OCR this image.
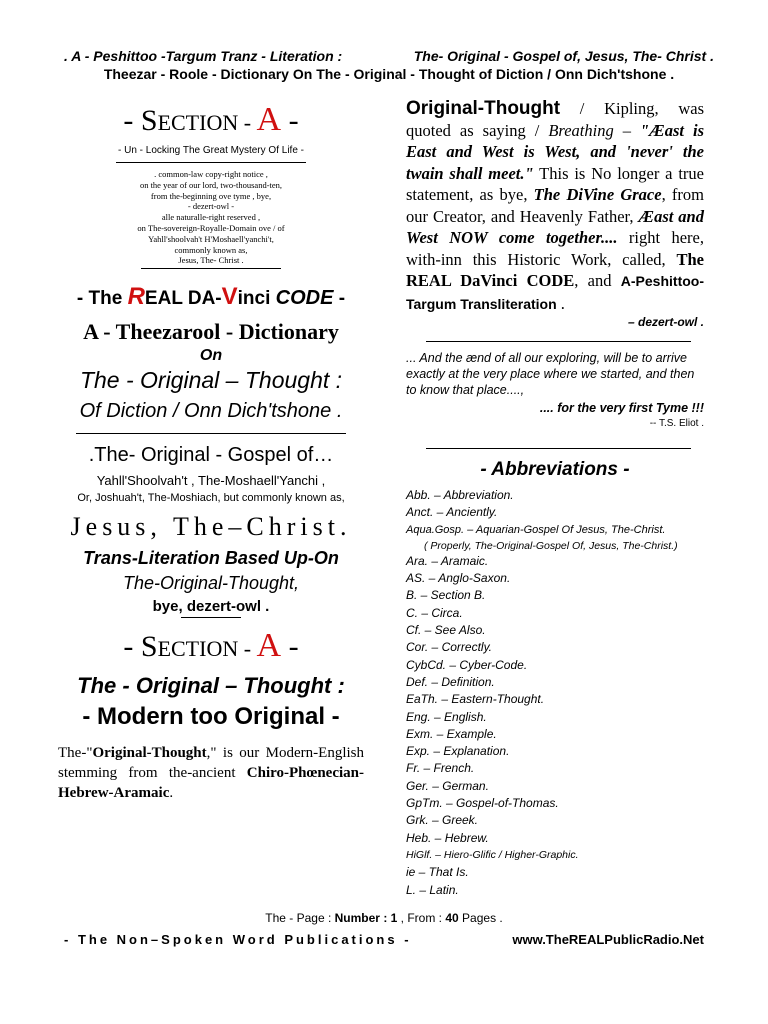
. A - Peshittoo -Targum Tranz - Literation :	The- Original - Gospel of, Jesus, The- Christ .
Theezar - Roole - Dictionary On The - Original - Thought of Diction / Onn Dich'tshone .
- SECTION - A -
- Un - Locking The Great Mystery Of Life -
. common-law copy-right notice ,
on the year of our lord, two-thousand-ten,
from the-beginning ove tyme , bye,
- dezert-owl -
alle naturalle-right reserved ,
on The-sovereign-Royalle-Domain ove / of
Yahll'shoolvah't H'Moshaell'yanchi't,
commonly known as,
Jesus, The- Christ .
- The REAL DA-Vinci CODE -
A - Theezarool - Dictionary
On
The - Original – Thought :
Of Diction / Onn Dich'tshone .
.The- Original - Gospel of…
Yahll'Shoolvah't , The-Moshaell'Yanchi ,
Or, Joshuah't, The-Moshiach, but commonly known as,
Jesus, The–Christ.
Trans-Literation Based Up-On
The-Original-Thought,
bye, dezert-owl .
- SECTION - A -
The - Original – Thought :
- Modern too Original -
The-"Original-Thought," is our Modern-English stemming from the-ancient Chiro-Phœnecian-Hebrew-Aramaic.
Original-Thought / Kipling, was quoted as saying / Breathing – "Æast is East and West is West, and 'never' the twain shall meet." This is No longer a true statement, as bye, The DiVine Grace, from our Creator, and Heavenly Father, Æast and West NOW come together.... right here, with-inn this Historic Work, called, The REAL DaVinci CODE, and A-Peshittoo-Targum Transliteration .
– dezert-owl .
... And the ænd of all our exploring, will be to arrive exactly at the very place where we started, and then to know that place....,
.... for the very first Tyme !!!
-- T.S. Eliot .
- Abbreviations -
Abb. – Abbreviation.
Anct. – Anciently.
Aqua.Gosp. – Aquarian-Gospel Of Jesus, The-Christ.
( Properly, The-Original-Gospel Of, Jesus, The-Christ.)
Ara. – Aramaic.
AS. – Anglo-Saxon.
B. – Section B.
C. – Circa.
Cf. – See Also.
Cor. – Correctly.
CybCd. – Cyber-Code.
Def. – Definition.
EaTh. – Eastern-Thought.
Eng. – English.
Exm. – Example.
Exp. – Explanation.
Fr. – French.
Ger. – German.
GpTm. – Gospel-of-Thomas.
Grk. – Greek.
Heb. – Hebrew.
HiGlf. – Hiero-Glific / Higher-Graphic.
ie – That Is.
L. – Latin.
The - Page : Number : 1 , From : 40 Pages .
- The Non–Spoken Word Publications -	www.TheREALPublicRadio.Net
